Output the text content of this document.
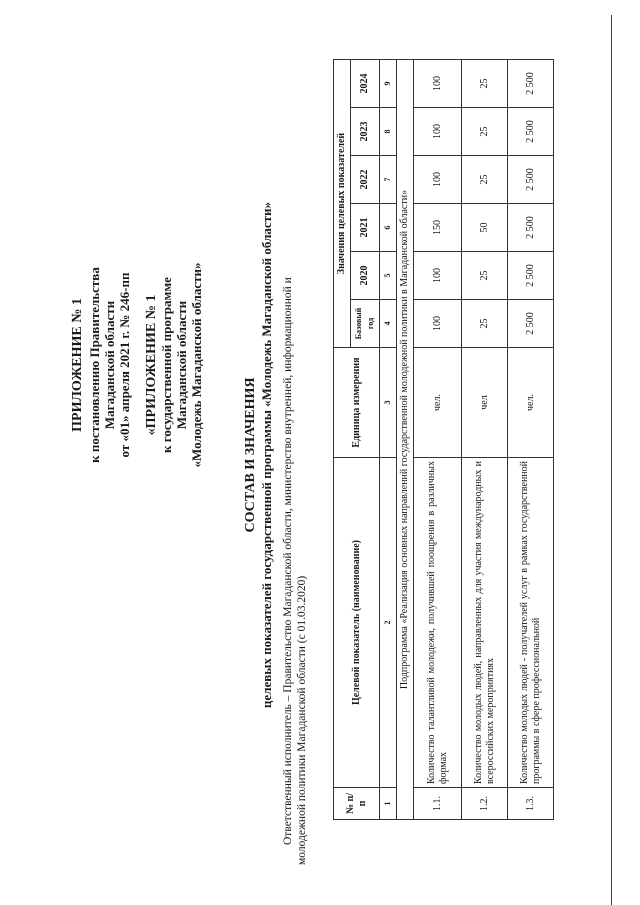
ПРИЛОЖЕНИЕ № 1 к постановлению Правительства Магаданской области от «01» апреля 2021 г. № 246-пп «ПРИЛОЖЕНИЕ № 1 к государственной программе Магаданской области «Молодежь Магаданской области»	СОСТАВ И ЗНАЧЕНИЯ целевых показателей государственной программы «Молодежь Магаданской области» Ответственный исполнитель – Правительство Магаданской области, министерство внутренней, информационной и молодежной политики Магаданской области (с 01.03.2020)	№ п/п	Целевой показатель (наименование)	Единица измерения	Значения целевых показателей					
			Базовый год	2020	2021	2022	2023	2024
1	2	3	4	5	6	7	8	9
Подпрограмма «Реализация основных направлений государственной молодежной политики в Магаданской области»								
1.1.	Количество талантливой молодежи, получившей поощрения в различных формах	чел.	100	100	150	100	100	100
1.2.	Количество молодых людей, направленных для участия международных и всероссийских мероприятиях	чел	25	25	50	25	25	25
1.3.	Количество молодых людей - получателей услуг в рамках государственной программы в сфере профессиональной	чел.	2 500	2 500	2 500	2 500	2 500	2 500
